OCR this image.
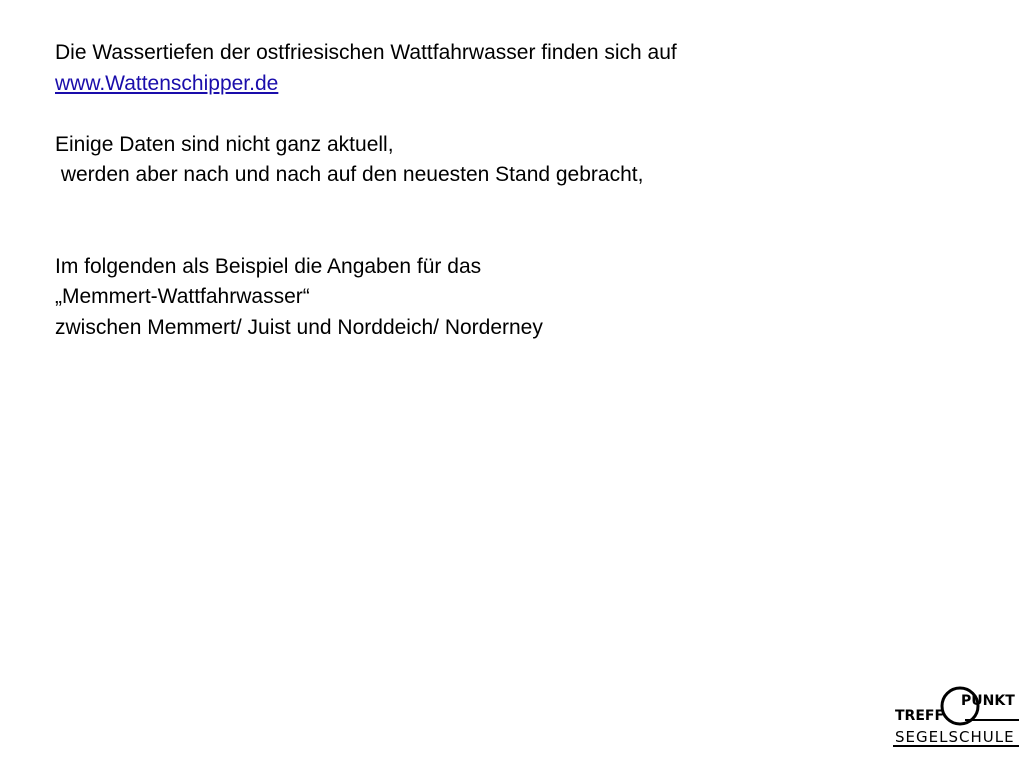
Die Wassertiefen der ostfriesischen Wattfahrwasser finden sich auf
www.Wattenschipper.de
Einige Daten sind nicht ganz aktuell,
werden aber nach und nach auf den neuesten Stand gebracht,
Im folgenden als Beispiel die Angaben für das
„Memmert-Wattfahrwasser“
zwischen Memmert/ Juist und Norddeich/ Norderney
PUNKT
TREFF
SEGELSCHULE
